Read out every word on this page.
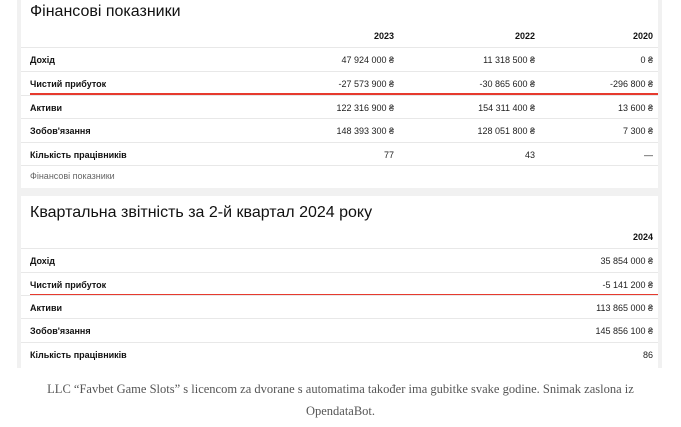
Фінансові показники
2023	2022	2020
Дохід	47 924 000 ₴	11 318 500 ₴	0 ₴
Чистий прибуток	-27 573 900 ₴	-30 865 600 ₴	-296 800 ₴
Активи	122 316 900 ₴	154 311 400 ₴	13 600 ₴
Зобов'язання	148 393 300 ₴	128 051 800 ₴	7 300 ₴
Кількість працівників	77	43	—
Фінансові показники
Квартальна звітність за 2-й квартал 2024 року
2024
Дохід	35 854 000 ₴
Чистий прибуток	-5 141 200 ₴
Активи	113 865 000 ₴
Зобов'язання	145 856 100 ₴
Кількість працівників	86
LLC “Favbet Game Slots” s licencom za dvorane s automatima također ima gubitke svake godine. Snimak zaslona iz
OpendataBot.
